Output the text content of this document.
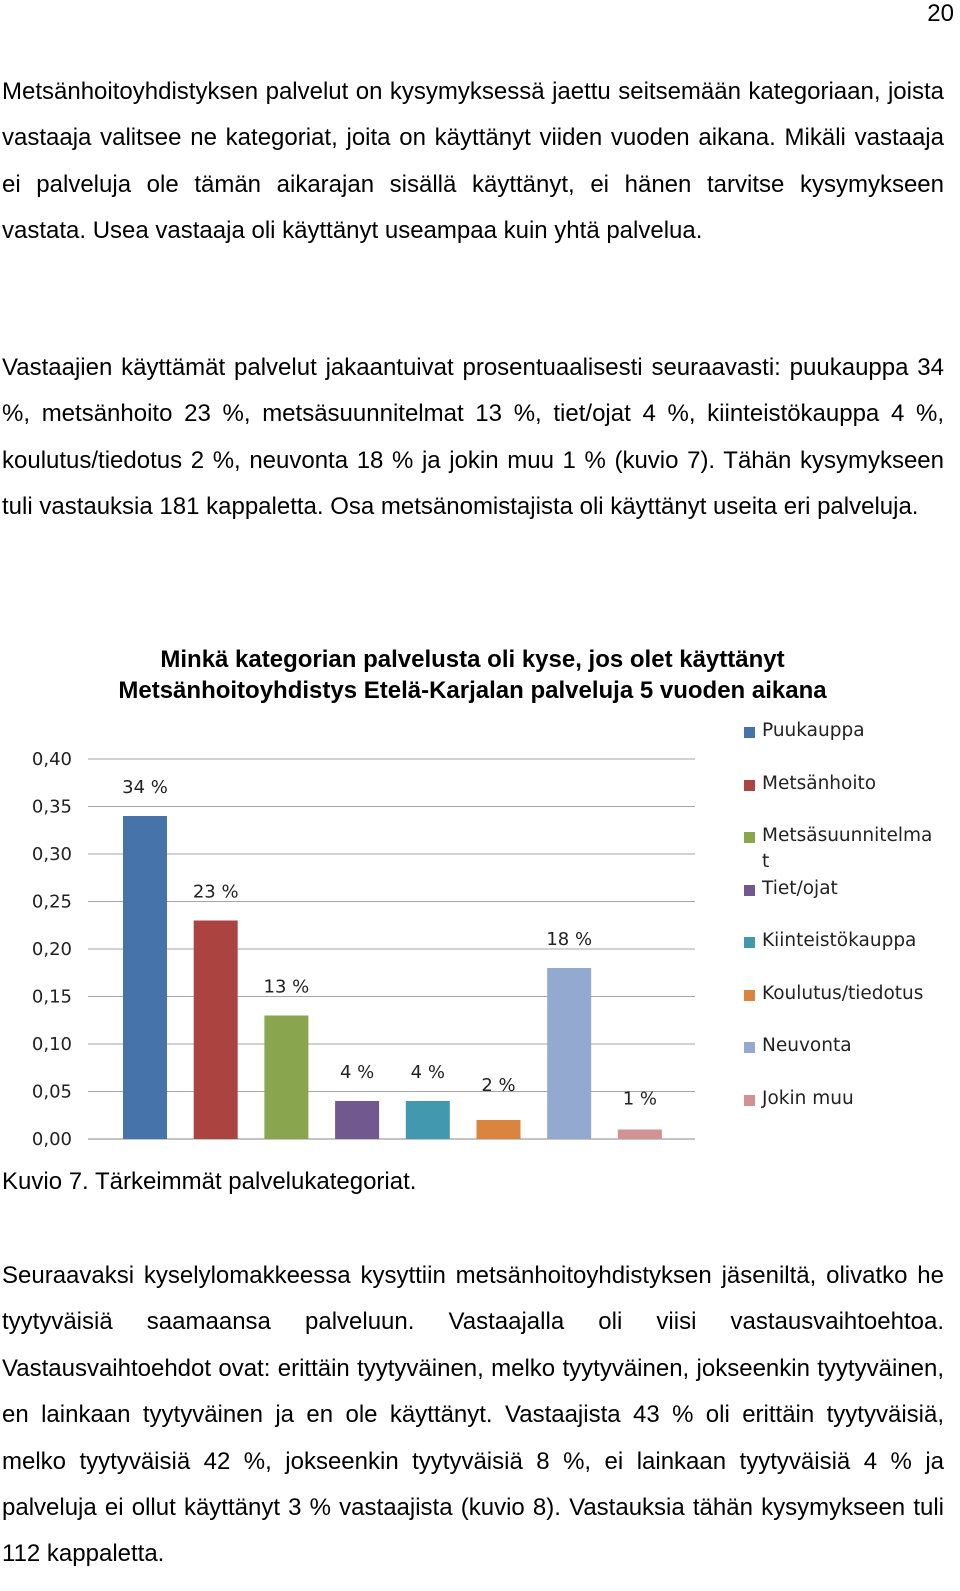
20

Metsänhoitoyhdistyksen palvelut on kysymyksessä jaettu seitsemään kategoriaan, joista vastaaja valitsee ne kategoriat, joita on käyttänyt viiden vuoden aikana. Mikäli vastaaja ei palveluja ole tämän aikarajan sisällä käyttänyt, ei hänen tarvitse kysymykseen vastata. Usea vastaaja oli käyttänyt useampaa kuin yhtä palvelua.

Vastaajien käyttämät palvelut jakaantuivat prosentuaalisesti seuraavasti: puukauppa 34 %, metsänhoito 23 %, metsäsuunnitelmat 13 %, tiet/ojat 4 %, kiinteistökauppa 4 %, koulutus/tiedotus 2 %, neuvonta 18 % ja jokin muu 1 % (kuvio 7). Tähän kysymykseen tuli vastauksia 181 kappaletta. Osa metsänomistajista oli käyttänyt useita eri palveluja.

Minkä kategorian palvelusta oli kyse, jos olet käyttänyt Metsänhoitoyhdistys Etelä-Karjalan palveluja 5 vuoden aikana
0,00
0,05
0,10
0,15
0,20
0,25
0,30
0,35
0,40
34 %
23 %
13 %
4 % 4 %
2 %
18 %
1 %
Puukauppa
Metsänhoito
Metsäsuunnitelma
t
Tiet/ojat
Kiinteistökauppa
Koulutus/tiedotus
Neuvonta
Jokin muu
Kuvio 7. Tärkeimmät palvelukategoriat.

Seuraavaksi kyselylomakkeessa kysyttiin metsänhoitoyhdistyksen jäseniltä, olivatko he tyytyväisiä saamaansa palveluun. Vastaajalla oli viisi vastausvaihtoehtoa. Vastausvaihtoehdot ovat: erittäin tyytyväinen, melko tyytyväinen, jokseenkin tyytyväinen, en lainkaan tyytyväinen ja en ole käyttänyt. Vastaajista 43 % oli erittäin tyytyväisiä, melko tyytyväisiä 42 %, jokseenkin tyytyväisiä 8 %, ei lainkaan tyytyväisiä 4 % ja palveluja ei ollut käyttänyt 3 % vastaajista (kuvio 8). Vastauksia tähän kysymykseen tuli 112 kappaletta.
